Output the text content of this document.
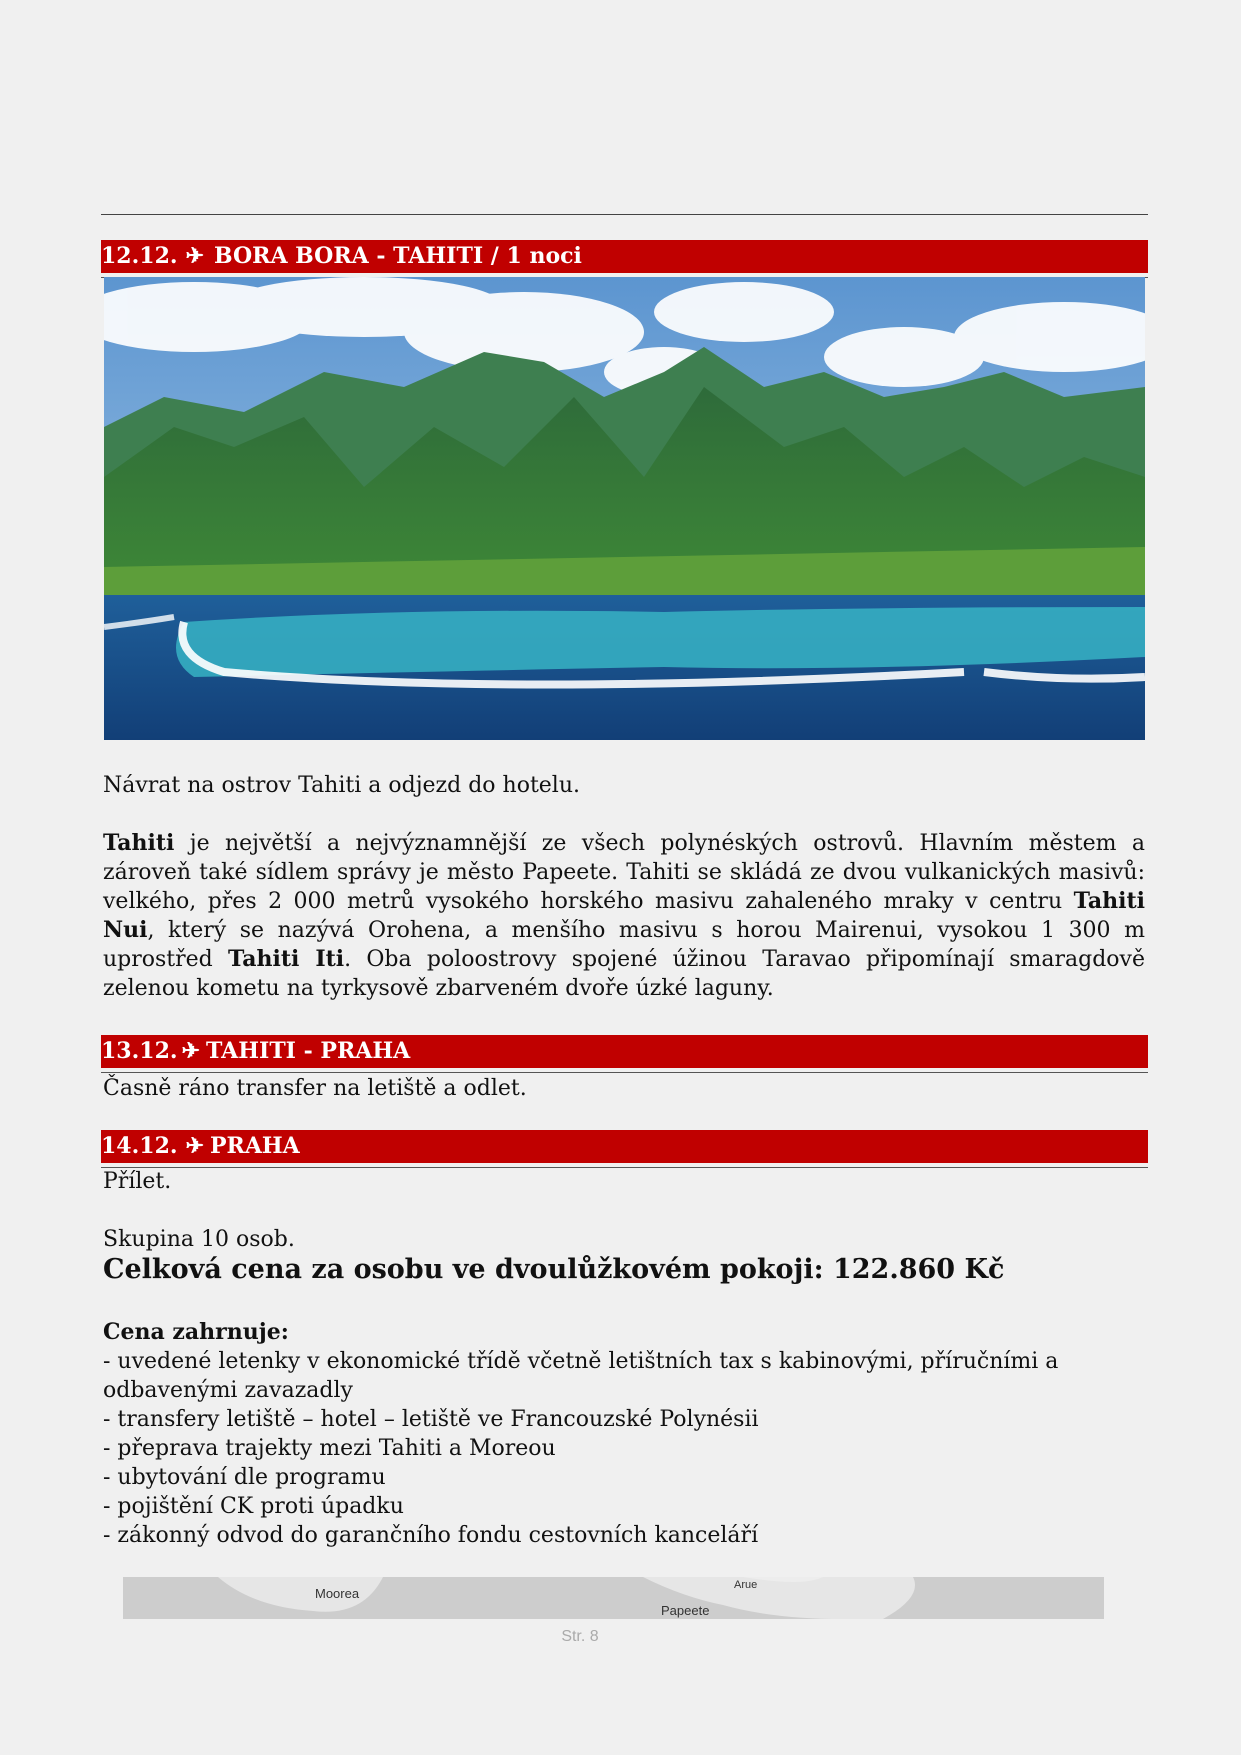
12.12. ✈ BORA BORA - TAHITI / 1 noci
Návrat na ostrov Tahiti a odjezd do hotelu.
Tahiti je největší a nejvýznamnější ze všech polynéských ostrovů. Hlavním městem a zároveň také sídlem správy je město Papeete. Tahiti se skládá ze dvou vulkanických masivů: velkého, přes 2 000 metrů vysokého horského masivu zahaleného mraky v centru Tahiti Nui, který se nazývá Orohena, a menšího masivu s horou Mairenui, vysokou 1 300 m uprostřed Tahiti Iti. Oba poloostrovy spojené úžinou Taravao připomínají smaragdově zelenou kometu na tyrkysově zbarveném dvoře úzké laguny.
13.12. ✈ TAHITI - PRAHA
Časně ráno transfer na letiště a odlet.
14.12. ✈ PRAHA
Přílet.
Skupina 10 osob.
Celková cena za osobu ve dvoulůžkovém pokoji: 122.860 Kč
Cena zahrnuje:
- uvedené letenky v ekonomické třídě včetně letištních tax s kabinovými, příručními a odbavenými zavazadly
- transfery letiště – hotel – letiště ve Francouzské Polynésii
- přeprava trajekty mezi Tahiti a Moreou
- ubytování dle programu
- pojištění CK proti úpadku
- zákonný odvod do garančního fondu cestovních kanceláří
Moorea
Arue
Papeete
Str. 8
